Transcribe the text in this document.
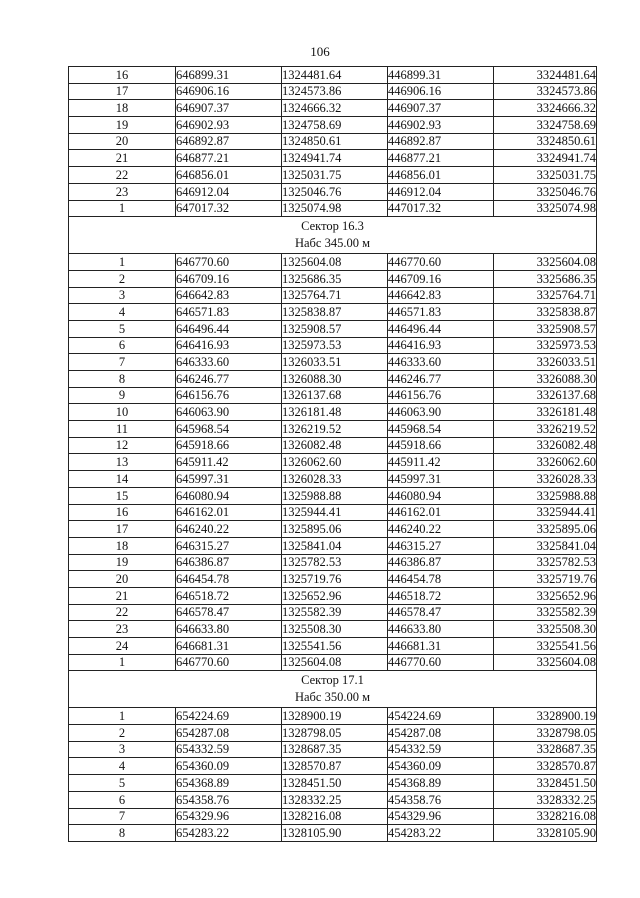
106
16	646899.31	1324481.64	446899.31	3324481.64
17	646906.16	1324573.86	446906.16	3324573.86
18	646907.37	1324666.32	446907.37	3324666.32
19	646902.93	1324758.69	446902.93	3324758.69
20	646892.87	1324850.61	446892.87	3324850.61
21	646877.21	1324941.74	446877.21	3324941.74
22	646856.01	1325031.75	446856.01	3325031.75
23	646912.04	1325046.76	446912.04	3325046.76
1	647017.32	1325074.98	447017.32	3325074.98

Сектор 16.3
Набс 345.00 м				

1	646770.60	1325604.08	446770.60	3325604.08
2	646709.16	1325686.35	446709.16	3325686.35
3	646642.83	1325764.71	446642.83	3325764.71
4	646571.83	1325838.87	446571.83	3325838.87
5	646496.44	1325908.57	446496.44	3325908.57
6	646416.93	1325973.53	446416.93	3325973.53
7	646333.60	1326033.51	446333.60	3326033.51
8	646246.77	1326088.30	446246.77	3326088.30
9	646156.76	1326137.68	446156.76	3326137.68
10	646063.90	1326181.48	446063.90	3326181.48
11	645968.54	1326219.52	445968.54	3326219.52
12	645918.66	1326082.48	445918.66	3326082.48
13	645911.42	1326062.60	445911.42	3326062.60
14	645997.31	1326028.33	445997.31	3326028.33
15	646080.94	1325988.88	446080.94	3325988.88
16	646162.01	1325944.41	446162.01	3325944.41
17	646240.22	1325895.06	446240.22	3325895.06
18	646315.27	1325841.04	446315.27	3325841.04
19	646386.87	1325782.53	446386.87	3325782.53
20	646454.78	1325719.76	446454.78	3325719.76
21	646518.72	1325652.96	446518.72	3325652.96
22	646578.47	1325582.39	446578.47	3325582.39
23	646633.80	1325508.30	446633.80	3325508.30
24	646681.31	1325541.56	446681.31	3325541.56
1	646770.60	1325604.08	446770.60	3325604.08

Сектор 17.1
Набс 350.00 м				

1	654224.69	1328900.19	454224.69	3328900.19
2	654287.08	1328798.05	454287.08	3328798.05
3	654332.59	1328687.35	454332.59	3328687.35
4	654360.09	1328570.87	454360.09	3328570.87
5	654368.89	1328451.50	454368.89	3328451.50
6	654358.76	1328332.25	454358.76	3328332.25
7	654329.96	1328216.08	454329.96	3328216.08
8	654283.22	1328105.90	454283.22	3328105.90
